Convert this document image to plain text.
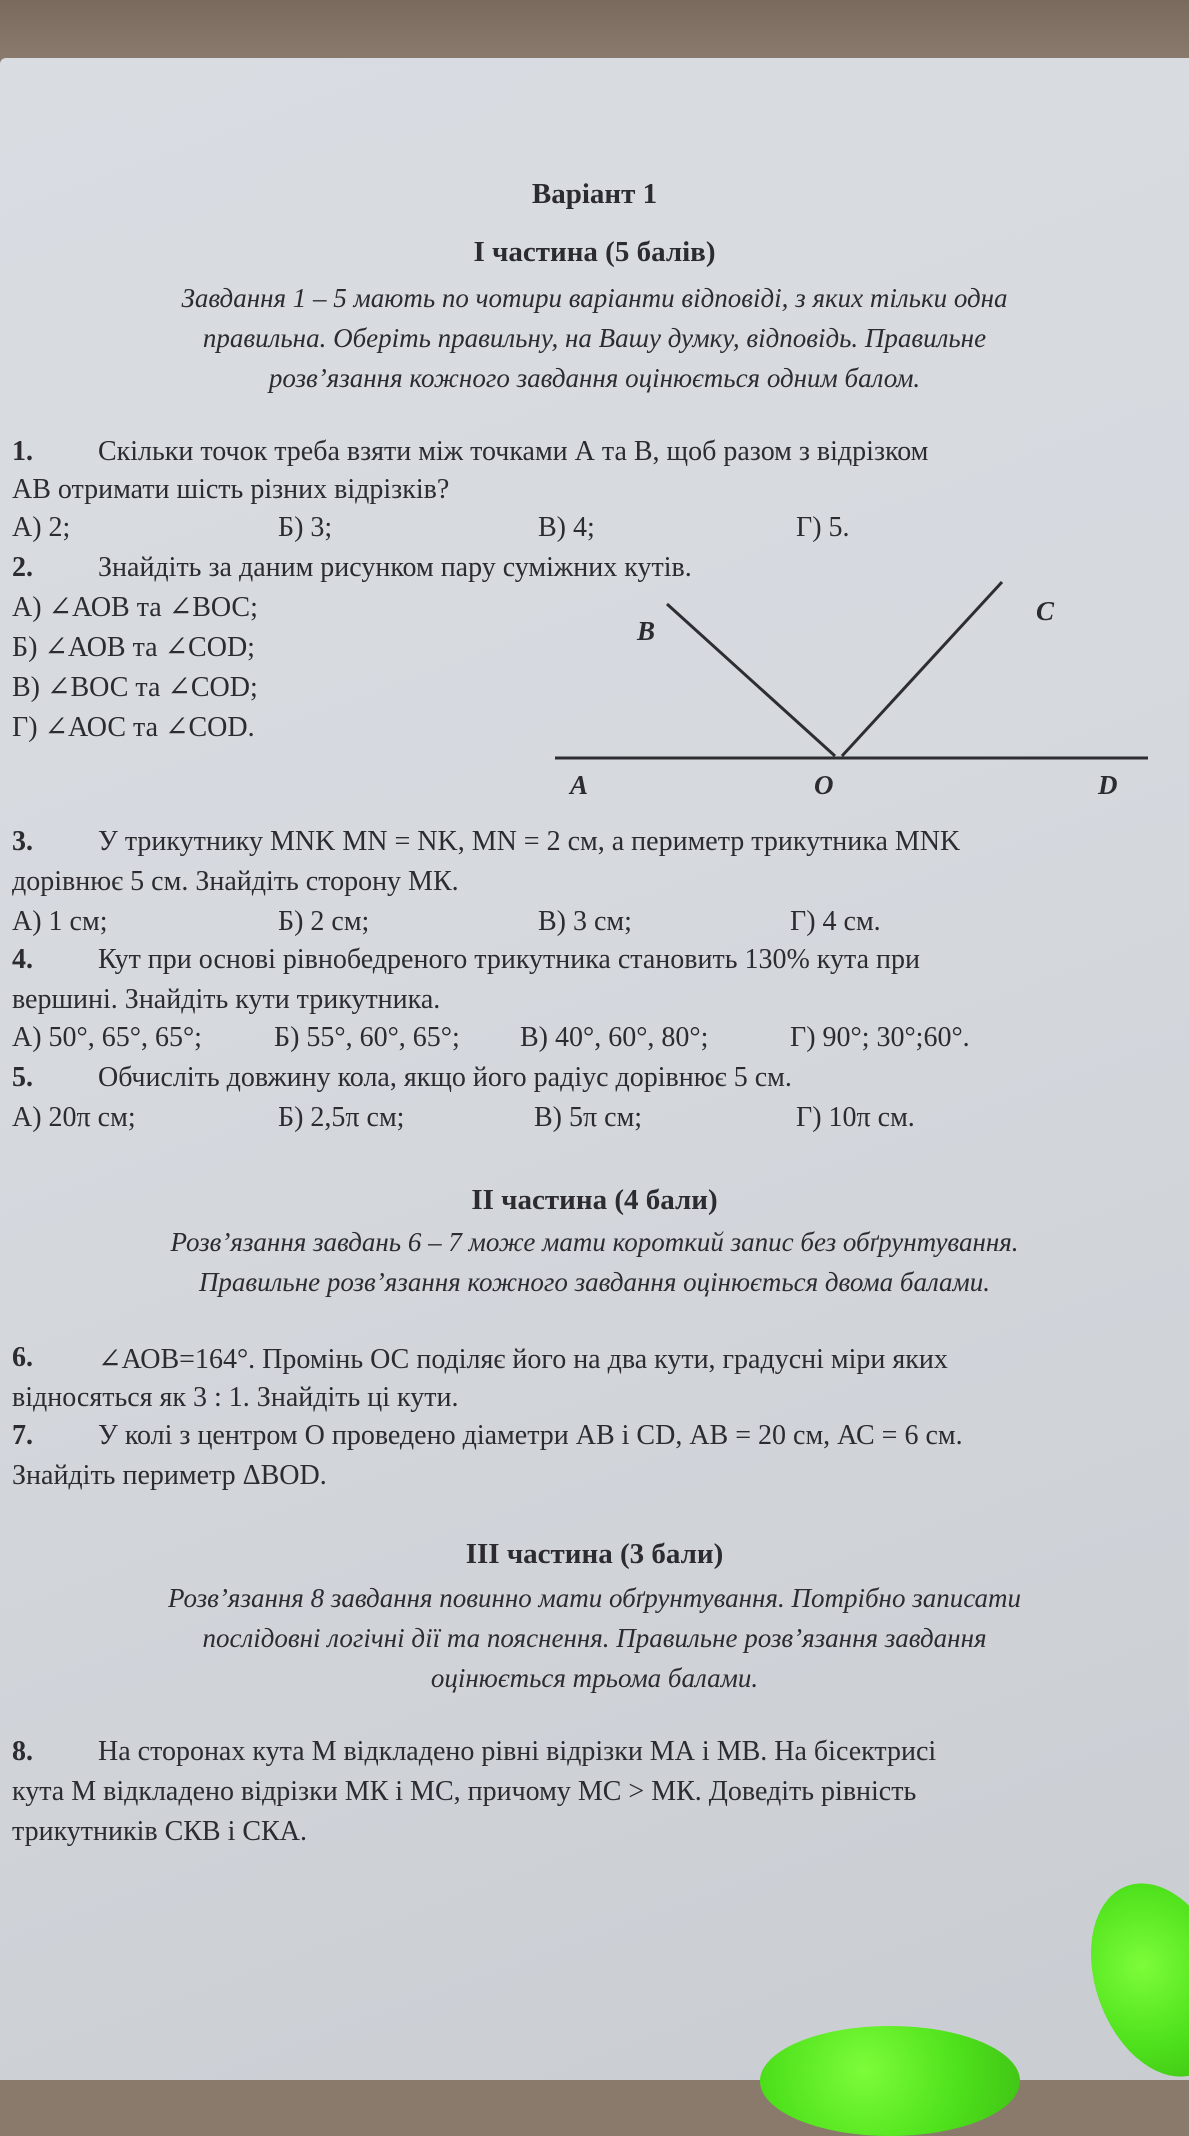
Варіант 1
І частина (5 балів)
Завдання 1 – 5 мають по чотири варіанти відповіді, з яких тільки одна
правильна. Оберіть правильну, на Вашу думку, відповідь. Правильне
розв’язання кожного завдання оцінюється одним балом.
1. Скільки точок треба взяти між точками А та В, щоб разом з відрізком
АВ отримати шість різних відрізків?
А) 2;	Б) 3;	В) 4;	Г) 5.
2. Знайдіть за даним рисунком пару суміжних кутів.
А) ∠АОВ та ∠ВОС;
Б) ∠АОВ та ∠СОD;
В) ∠ВОС та ∠СОD;
Г) ∠АОС та ∠СОD.
B
C
A	O	D
3. У трикутнику MNK MN = NK, MN = 2 см, а периметр трикутника MNK
дорівнює 5 см. Знайдіть сторону МК.
А) 1 см;	Б) 2 см;	В) 3 см;	Г) 4 см.
4. Кут при основі рівнобедреного трикутника становить 130% кута при
вершині. Знайдіть кути трикутника.
А) 50°, 65°, 65°;	Б) 55°, 60°, 65°; В) 40°, 60°, 80°;	Г) 90°; 30°;60°.
5. Обчисліть довжину кола, якщо його радіус дорівнює 5 см.
А) 20π см;	Б) 2,5π см;	В) 5π см;	Г) 10π см.
ІІ частина (4 бали)
Розв’язання завдань 6 – 7 може мати короткий запис без обґрунтування.
Правильне розв’язання кожного завдання оцінюється двома балами.
6. ∠АОВ=164°. Промінь ОС поділяє його на два кути, градусні міри яких
відносяться як 3 : 1. Знайдіть ці кути.
7. У колі з центром О проведено діаметри АВ і CD, АВ = 20 см, АС = 6 см.
Знайдіть периметр ΔBOD.
ІІІ частина (3 бали)
Розв’язання 8 завдання повинно мати обґрунтування. Потрібно записати
послідовні логічні дії та пояснення. Правильне розв’язання завдання
оцінюється трьома балами.
8. На сторонах кута М відкладено рівні відрізки МА і МВ. На бісектрисі
кута М відкладено відрізки МК і МС, причому МС > МК. Доведіть рівність
трикутників СКВ і СКА.
